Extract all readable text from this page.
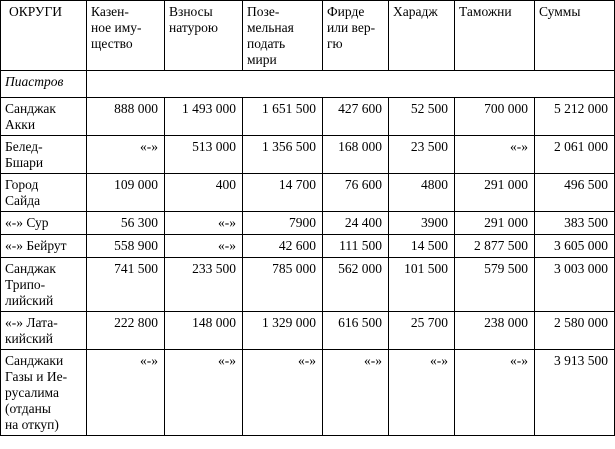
ОКРУГИ	Казен-
ное иму-
щество	Взносы
натурою	Позе-
мельная
подать
мири	Фирде
или вер-
гю	Харадж	Таможни	Суммы
Пиастров							
Санджак
Акки	888 000	1 493 000	1 651 500	427 600	52 500	700 000	5 212 000
Белед-
Бшари	«-»	513 000	1 356 500	168 000	23 500	«-»	2 061 000
Город
Сайда	109 000	400	14 700	76 600	4800	291 000	496 500
«-» Сур	56 300	«-»	7900	24 400	3900	291 000	383 500
«-» Бейрут	558 900	«-»	42 600	111 500	14 500	2 877 500	3 605 000
Санджак
Трипо-
лийский	741 500	233 500	785 000	562 000	101 500	579 500	3 003 000
«-» Лата-
кийский	222 800	148 000	1 329 000	616 500	25 700	238 000	2 580 000
Санджаки
Газы и Ие-
русалима
(отданы
на откуп)	«-»	«-»	«-»	«-»	«-»	«-»	3 913 500
